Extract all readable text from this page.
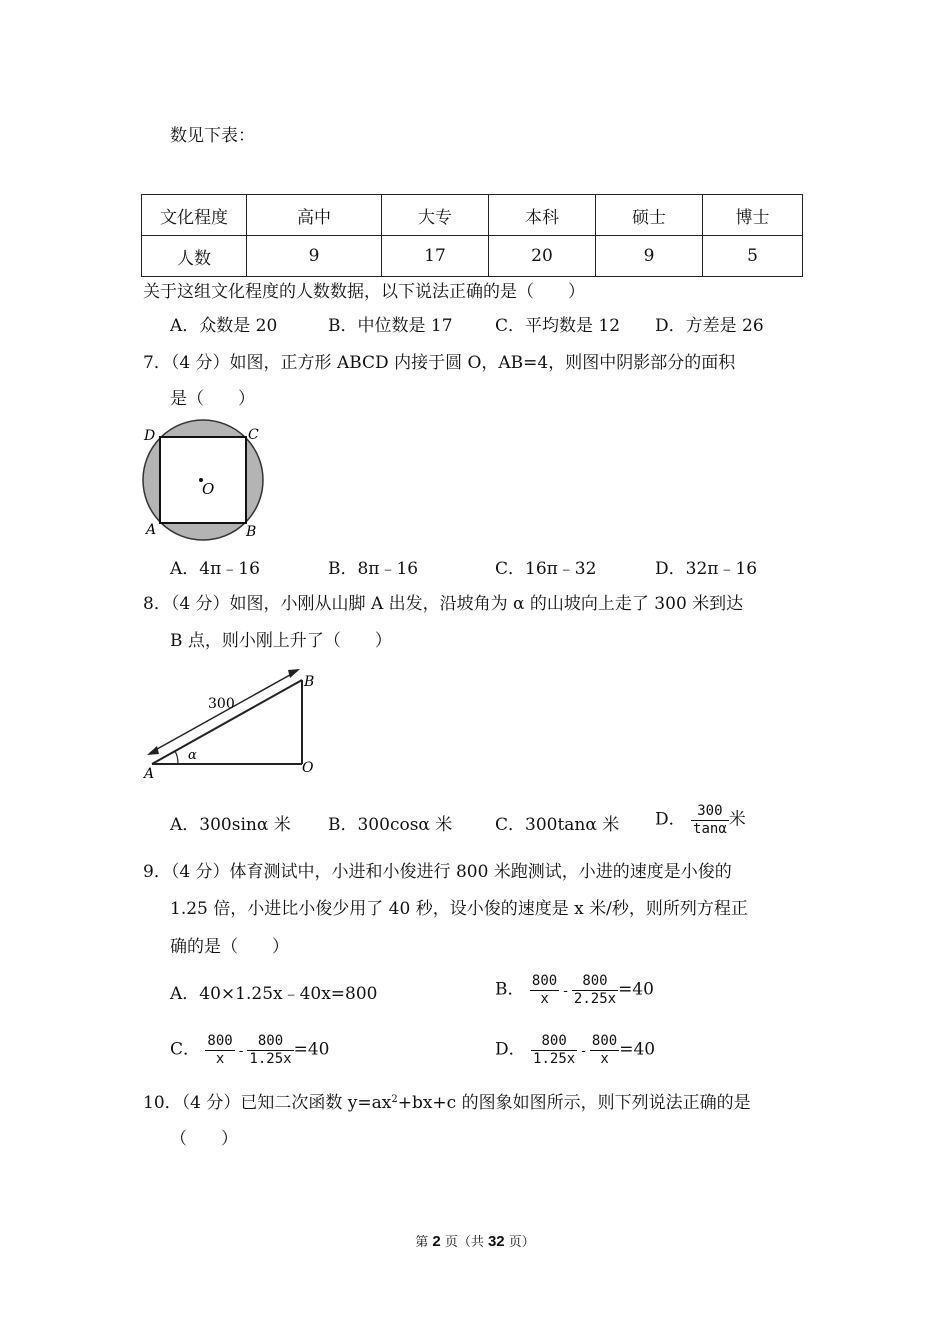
数见下表：
文化程度	高中	大专	本科	硕士	博士
人数	9	17	20	9	5
关于这组文化程度的人数数据，以下说法正确的是（　　）
A．众数是 20	B．中位数是 17 C．平均数是 12 D．方差是 26
7．（4 分）如图，正方形 ABCD 内接于圆 O，AB=4，则图中阴影部分的面积
是（　　）
O
D	C
A	B
A．4π﹣16	B．8π﹣16	C．16π﹣32	D．32π﹣16
8．（4 分）如图，小刚从山脚 A 出发，沿坡角为 α 的山坡向上走了 300 米到达
B 点，则小刚上升了（　　）
300
α
A
B
O
A．300sinα 米 B．300cosα 米	C．300tanα 米 D． $\frac{300}{\tan\alpha}$ 米
9．（4 分）体育测试中，小进和小俊进行 800 米跑测试，小进的速度是小俊的
1.25 倍，小进比小俊少用了 40 秒，设小俊的速度是 x 米/秒，则所列方程正
确的是（　　）
A．40×1.25x﹣40x=800	B． $\frac{800}{x} - \frac{800}{2.25x} =40$
C． $\frac{800}{x} - \frac{800}{1.25x} =40$	D． $\frac{800}{1.25x} - \frac{800}{x} =40$
10．（4 分）已知二次函数 $y=ax^2+bx+c$ 的图象如图所示，则下列说法正确的是
（　　）
第 2 页（共 32 页）
